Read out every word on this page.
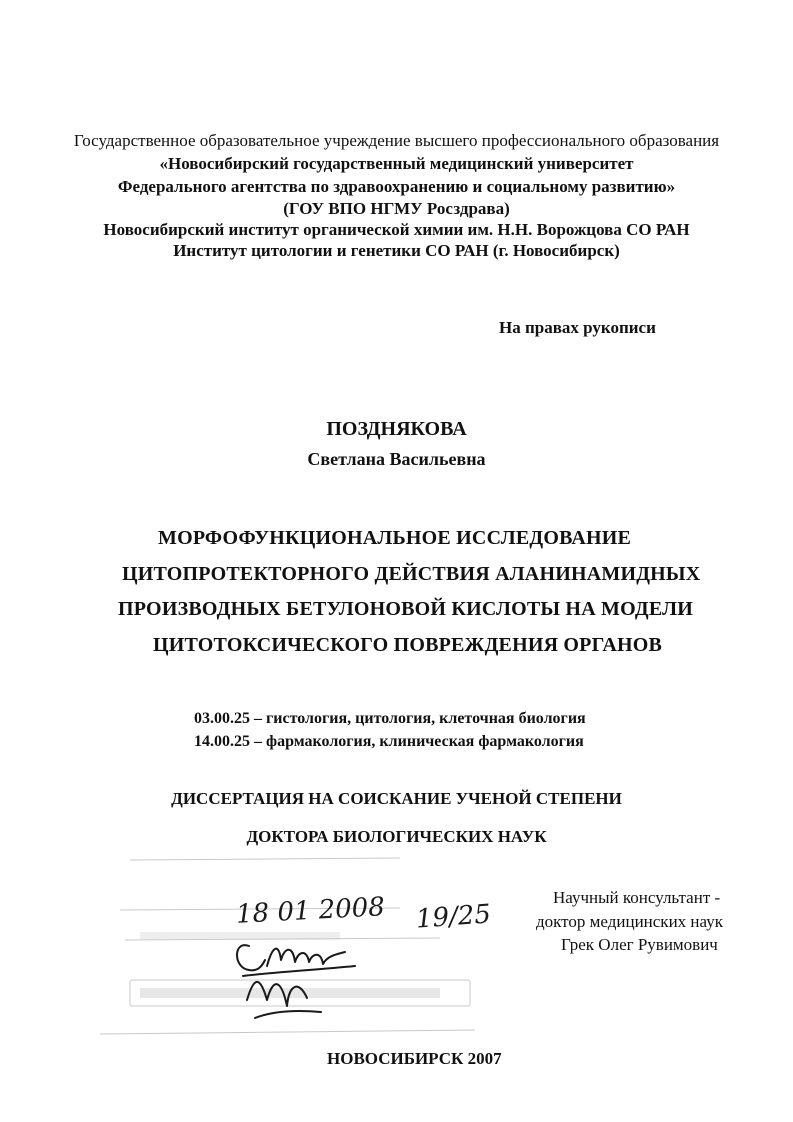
Государственное образовательное учреждение высшего профессионального образования
«Новосибирский государственный медицинский университет
Федерального агентства по здравоохранению и социальному развитию»
(ГОУ ВПО НГМУ Росздрава)
Новосибирский институт органической химии им. Н.Н. Ворожцова СО РАН
Институт цитологии и генетики СО РАН (г. Новосибирск)
На правах рукописи
ПОЗДНЯКОВА
Светлана Васильевна
МОРФОФУНКЦИОНАЛЬНОЕ ИССЛЕДОВАНИЕ
ЦИТОПРОТЕКТОРНОГО ДЕЙСТВИЯ АЛАНИНАМИДНЫХ
ПРОИЗВОДНЫХ БЕТУЛОНОВОЙ КИСЛОТЫ НА МОДЕЛИ
ЦИТОТОКСИЧЕСКОГО ПОВРЕЖДЕНИЯ ОРГАНОВ
03.00.25 – гистология, цитология, клеточная биология
14.00.25 – фармакология, клиническая фармакология
ДИССЕРТАЦИЯ НА СОИСКАНИЕ УЧЕНОЙ СТЕПЕНИ
ДОКТОРА БИОЛОГИЧЕСКИХ НАУК
18 01 2008 19/25
Научный консультант -
доктор медицинских наук
Грек Олег Рувимович
НОВОСИБИРСК 2007
